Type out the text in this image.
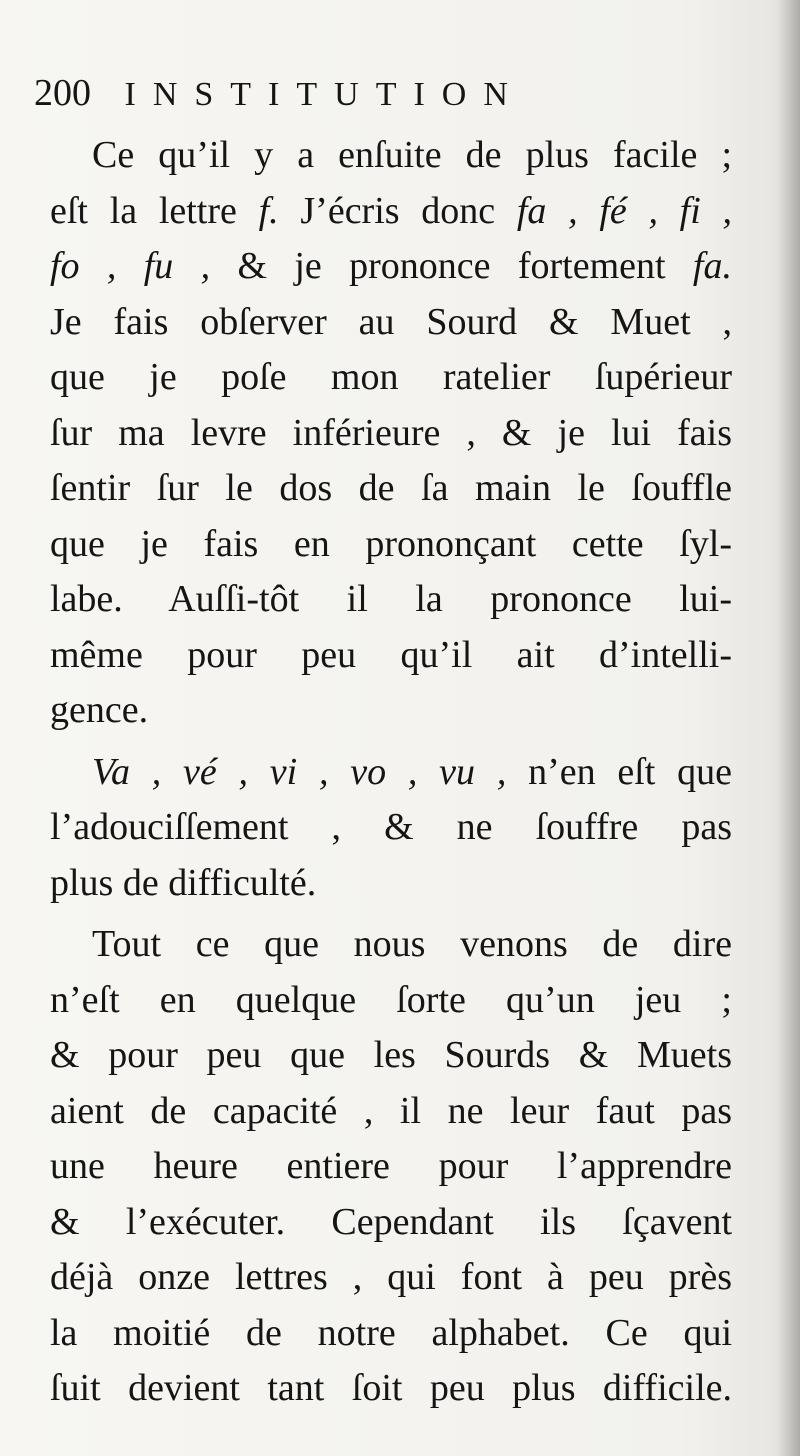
200 INSTITUTION
Ce qu’il y a enſuite de plus facile ;
eſt la lettre f. J’écris donc fa , fé , fi ,
fo , fu , & je prononce fortement fa.
Je fais obſerver au Sourd & Muet ,
que je poſe mon ratelier ſupérieur
ſur ma levre inférieure , & je lui fais
ſentir ſur le dos de ſa main le ſouffle
que je fais en prononçant cette ſyl-
labe. Auſſi-tôt il la prononce lui-
même pour peu qu’il ait d’intelli-
gence.
Va , vé , vi , vo , vu , n’en eſt que
l’adouciſſement , & ne ſouffre pas
plus de difficulté.
Tout ce que nous venons de dire
n’eſt en quelque ſorte qu’un jeu ;
& pour peu que les Sourds & Muets
aient de capacité , il ne leur faut pas
une heure entiere pour l’apprendre
& l’exécuter. Cependant ils ſçavent
déjà onze lettres , qui font à peu près
la moitié de notre alphabet. Ce qui
ſuit devient tant ſoit peu plus difficile.
